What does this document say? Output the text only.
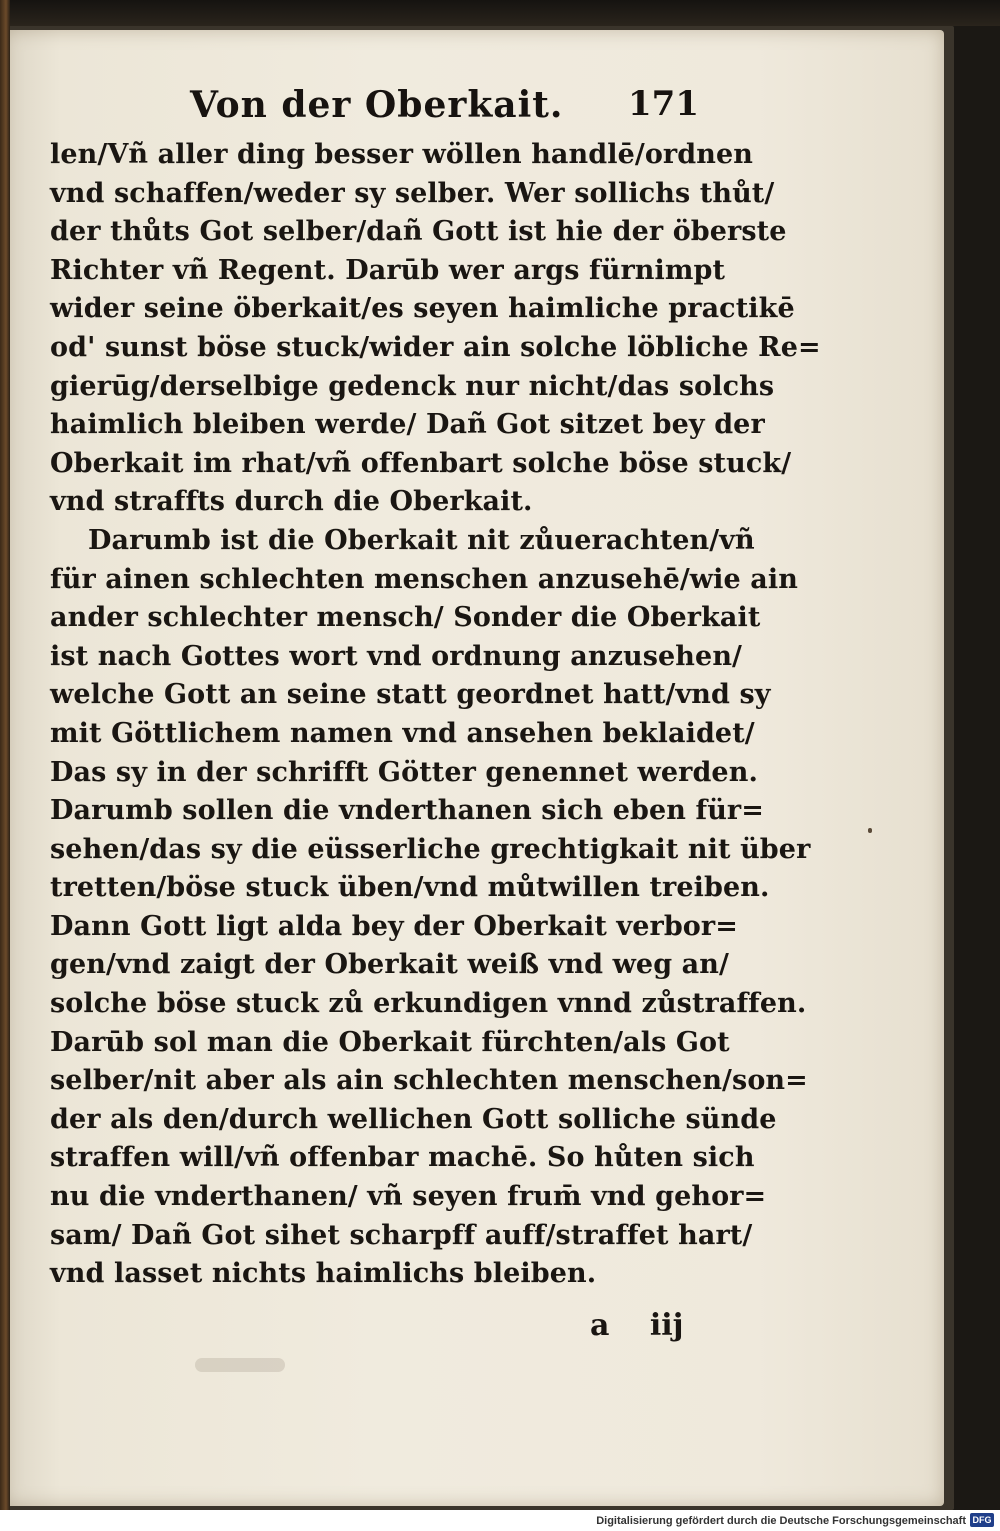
Von der Oberkait.	171
len/Vñ aller ding besser wöllen handlē/ordnen
vnd schaffen/weder sy selber. Wer sollichs thůt/
der thůts Got selber/dañ Gott ist hie der öberste
Richter vñ Regent. Darūb wer args fürnimpt
wider seine öberkait/es seyen haimliche practikē
od' sunst böse stuck/wider ain solche löbliche Re=
gierūg/derselbige gedenck nur nicht/das solchs
haimlich bleiben werde/ Dañ Got sitzet bey der
Oberkait im rhat/vñ offenbart solche böse stuck/
vnd straffts durch die Oberkait.
Darumb ist die Oberkait nit zůuerachten/vñ
für ainen schlechten menschen anzusehē/wie ain
ander schlechter mensch/ Sonder die Oberkait
ist nach Gottes wort vnd ordnung anzusehen/
welche Gott an seine statt geordnet hatt/vnd sy
mit Göttlichem namen vnd ansehen beklaidet/
Das sy in der schrifft Götter genennet werden.
Darumb sollen die vnderthanen sich eben für=
sehen/das sy die eüsserliche grechtigkait nit über
tretten/böse stuck üben/vnd můtwillen treiben.
Dann Gott ligt alda bey der Oberkait verbor=
gen/vnd zaigt der Oberkait weiß vnd weg an/
solche böse stuck zů erkundigen vnnd zůstraffen.
Darūb sol man die Oberkait fürchten/als Got
selber/nit aber als ain schlechten menschen/son=
der als den/durch wellichen Gott solliche sünde
straffen will/vñ offenbar machē. So hůten sich
nu die vnderthanen/ vñ seyen frum̄ vnd gehor=
sam/ Dañ Got sihet scharpff auff/straffet hart/
vnd lasset nichts haimlichs bleiben.
a iij
Digitalisierung gefördert durch die Deutsche Forschungsgemeinschaft DFG
